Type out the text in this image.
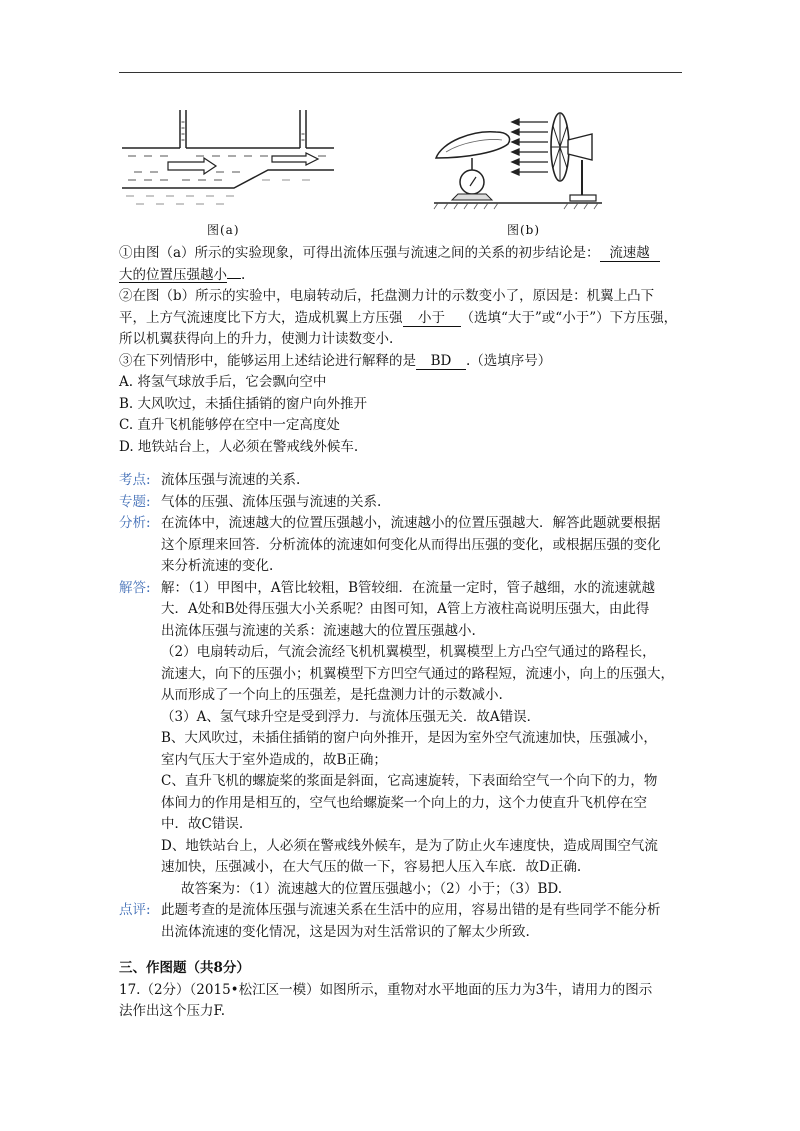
图(a)	图(b)
①由图（a）所示的实验现象，可得出流体压强与流速之间的关系的初步结论是： 流速越
大的位置压强越小 .
②在图（b）所示的实验中，电扇转动后，托盘测力计的示数变小了，原因是：机翼上凸下
平，上方气流速度比下方大，造成机翼上方压强 小于 （选填“大于”或“小于”）下方压强，
所以机翼获得向上的升力，使测力计读数变小.
③在下列情形中，能够运用上述结论进行解释的是 BD .（选填序号）
A. 将氢气球放手后，它会飘向空中
B. 大风吹过，未插住插销的窗户向外推开
C. 直升飞机能够停在空中一定高度处
D. 地铁站台上，人必须在警戒线外候车.
考点: 流体压强与流速的关系.
专题: 气体的压强、流体压强与流速的关系.
分析: 在流体中，流速越大的位置压强越小，流速越小的位置压强越大．解答此题就要根据
这个原理来回答．分析流体的流速如何变化从而得出压强的变化，或根据压强的变化
来分析流速的变化.
解答: 解：（1）甲图中，A管比较粗，B管较细．在流量一定时，管子越细，水的流速就越
大．A处和B处得压强大小关系呢？由图可知，A管上方液柱高说明压强大，由此得
出流体压强与流速的关系：流速越大的位置压强越小.
（2）电扇转动后，气流会流经飞机机翼模型，机翼模型上方凸空气通过的路程长，
流速大，向下的压强小；机翼模型下方凹空气通过的路程短，流速小，向上的压强大，
从而形成了一个向上的压强差，是托盘测力计的示数减小.
（3）A、氢气球升空是受到浮力．与流体压强无关．故A错误．
B、大风吹过，未插住插销的窗户向外推开，是因为室外空气流速加快，压强减小，
室内气压大于室外造成的，故B正确；
C、直升飞机的螺旋桨的浆面是斜面，它高速旋转，下表面给空气一个向下的力，物
体间力的作用是相互的，空气也给螺旋桨一个向上的力，这个力使直升飞机停在空
中．故C错误.
D、地铁站台上，人必须在警戒线外候车，是为了防止火车速度快，造成周围空气流
速加快，压强减小，在大气压的做一下，容易把人压入车底．故D正确.
故答案为：（1）流速越大的位置压强越小；（2）小于；（3）BD.
点评: 此题考查的是流体压强与流速关系在生活中的应用，容易出错的是有些同学不能分析
出流体流速的变化情况，这是因为对生活常识的了解太少所致.
三、作图题（共8分）
17.（2分）（2015•松江区一模）如图所示，重物对水平地面的压力为3牛，请用力的图示
法作出这个压力F.
